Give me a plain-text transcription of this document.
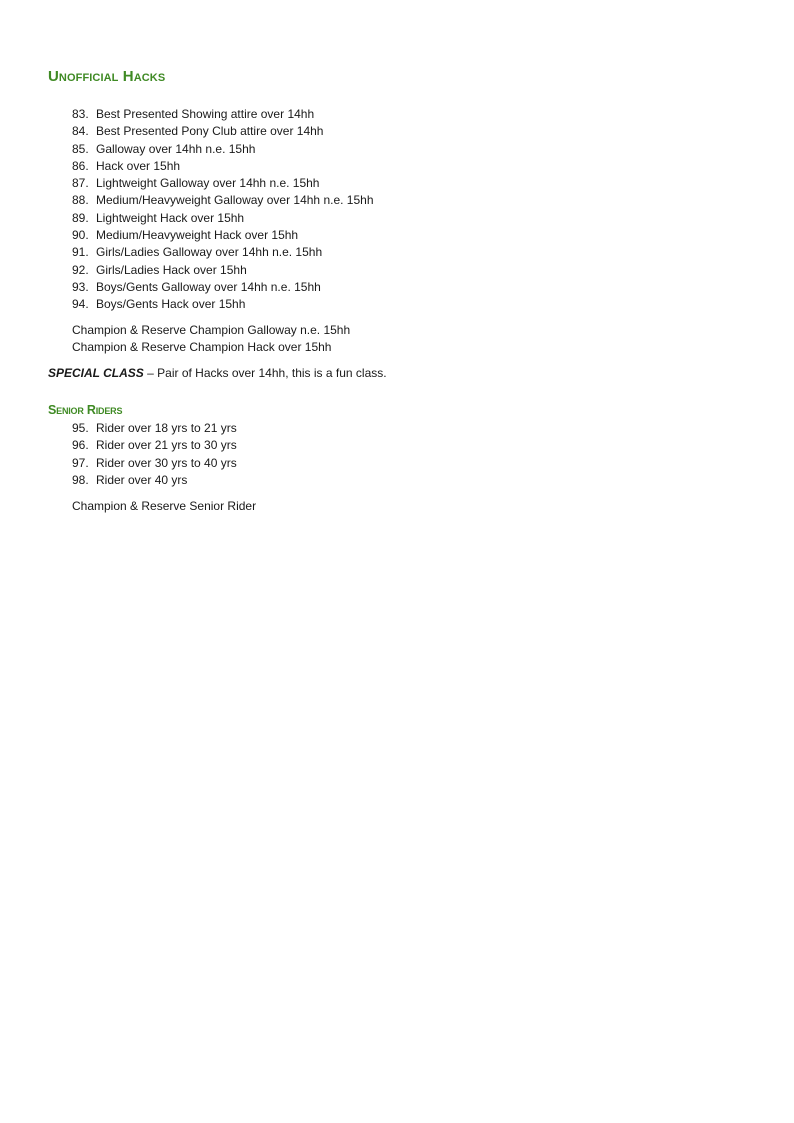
Unofficial Hacks
83. Best Presented Showing attire over 14hh
84. Best Presented Pony Club attire over 14hh
85. Galloway over 14hh n.e. 15hh
86. Hack over 15hh
87. Lightweight Galloway over 14hh n.e. 15hh
88. Medium/Heavyweight Galloway over 14hh n.e. 15hh
89. Lightweight Hack over 15hh
90. Medium/Heavyweight Hack over 15hh
91. Girls/Ladies Galloway over 14hh n.e. 15hh
92. Girls/Ladies Hack over 15hh
93. Boys/Gents Galloway over 14hh n.e. 15hh
94. Boys/Gents Hack over 15hh
Champion & Reserve Champion Galloway n.e. 15hh
Champion & Reserve Champion Hack over 15hh

SPECIAL CLASS – Pair of Hacks over 14hh, this is a fun class.

Senior Riders
95. Rider over 18 yrs to 21 yrs
96. Rider over 21 yrs to 30 yrs
97. Rider over 30 yrs to 40 yrs
98. Rider over 40 yrs
Champion & Reserve Senior Rider
